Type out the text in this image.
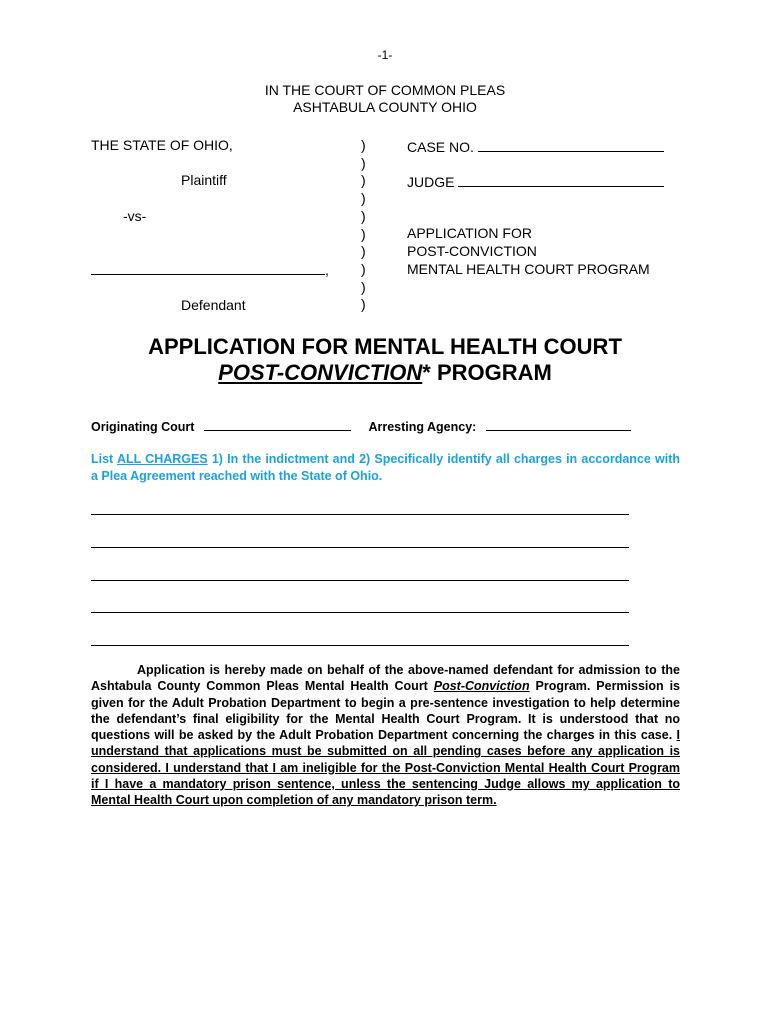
-1-
IN THE COURT OF COMMON PLEAS
ASHTABULA COUNTY OHIO
THE STATE OF OHIO,
Plaintiff
-vs-
,
Defendant
)
)
)
)
)
)
)
)
)
)
CASE NO.
JUDGE
APPLICATION FOR
POST-CONVICTION
MENTAL HEALTH COURT PROGRAM
APPLICATION FOR MENTAL HEALTH COURT
POST-CONVICTION* PROGRAM
Originating Court	Arresting Agency:
List ALL CHARGES 1) In the indictment and 2) Specifically identify all charges in accordance with a Plea Agreement reached with the State of Ohio.
Application is hereby made on behalf of the above-named defendant for admission to the Ashtabula County Common Pleas Mental Health Court Post-Conviction Program. Permission is given for the Adult Probation Department to begin a pre-sentence investigation to help determine the defendant’s final eligibility for the Mental Health Court Program. It is understood that no questions will be asked by the Adult Probation Department concerning the charges in this case. I understand that applications must be submitted on all pending cases before any application is considered. I understand that I am ineligible for the Post-Conviction Mental Health Court Program if I have a mandatory prison sentence, unless the sentencing Judge allows my application to Mental Health Court upon completion of any mandatory prison term.
